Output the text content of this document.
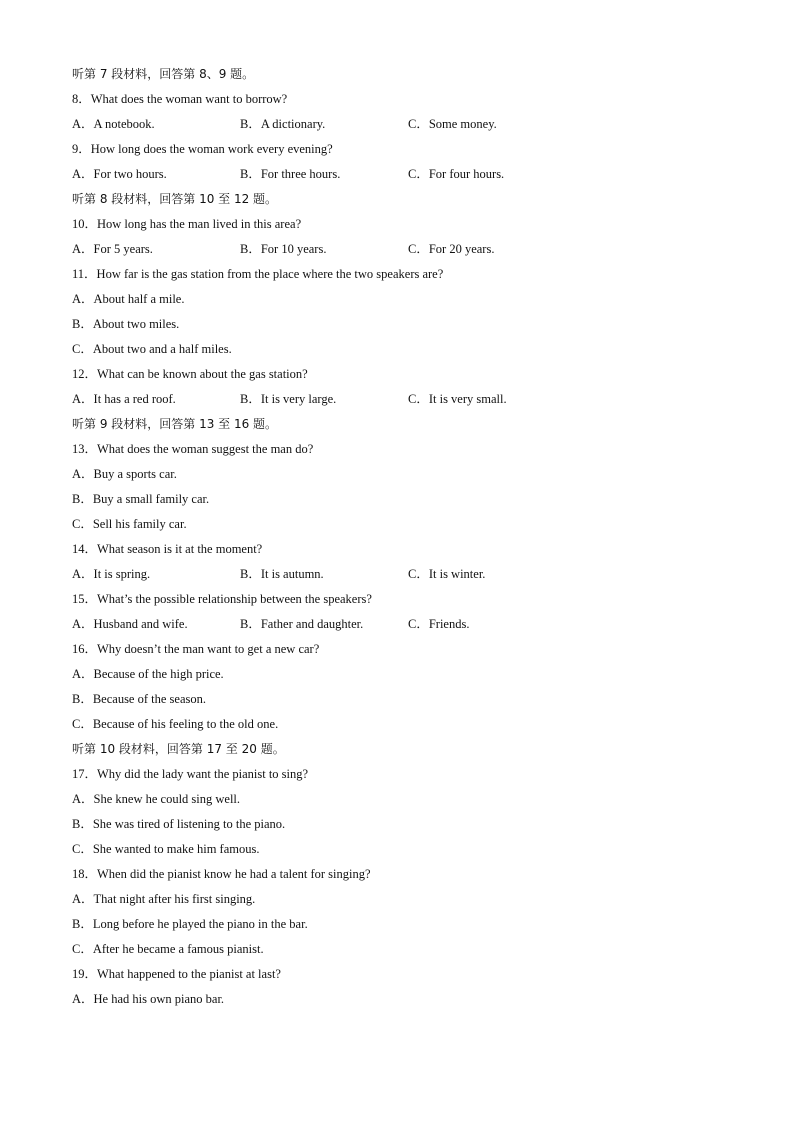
听第 7 段材料，回答第 8、9 题。
8．What does the woman want to borrow?
A．A notebook.	B．A dictionary.	C．Some money.
9．How long does the woman work every evening?
A．For two hours.	B．For three hours.	C．For four hours.
听第 8 段材料，回答第 10 至 12 题。
10．How long has the man lived in this area?
A．For 5 years.	B．For 10 years.	C．For 20 years.
11．How far is the gas station from the place where the two speakers are?
A．About half a mile.
B．About two miles.
C．About two and a half miles.
12．What can be known about the gas station?
A．It has a red roof.	B．It is very large.	C．It is very small.
听第 9 段材料，回答第 13 至 16 题。
13．What does the woman suggest the man do?
A．Buy a sports car.
B．Buy a small family car.
C．Sell his family car.
14．What season is it at the moment?
A．It is spring.	B．It is autumn.	C．It is winter.
15．What’s the possible relationship between the speakers?
A．Husband and wife.	B．Father and daughter.	C．Friends.
16．Why doesn’t the man want to get a new car?
A．Because of the high price.
B．Because of the season.
C．Because of his feeling to the old one.
听第 10 段材料，回答第 17 至 20 题。
17．Why did the lady want the pianist to sing?
A．She knew he could sing well.
B．She was tired of listening to the piano.
C．She wanted to make him famous.
18．When did the pianist know he had a talent for singing?
A．That night after his first singing.
B．Long before he played the piano in the bar.
C．After he became a famous pianist.
19．What happened to the pianist at last?
A．He had his own piano bar.
